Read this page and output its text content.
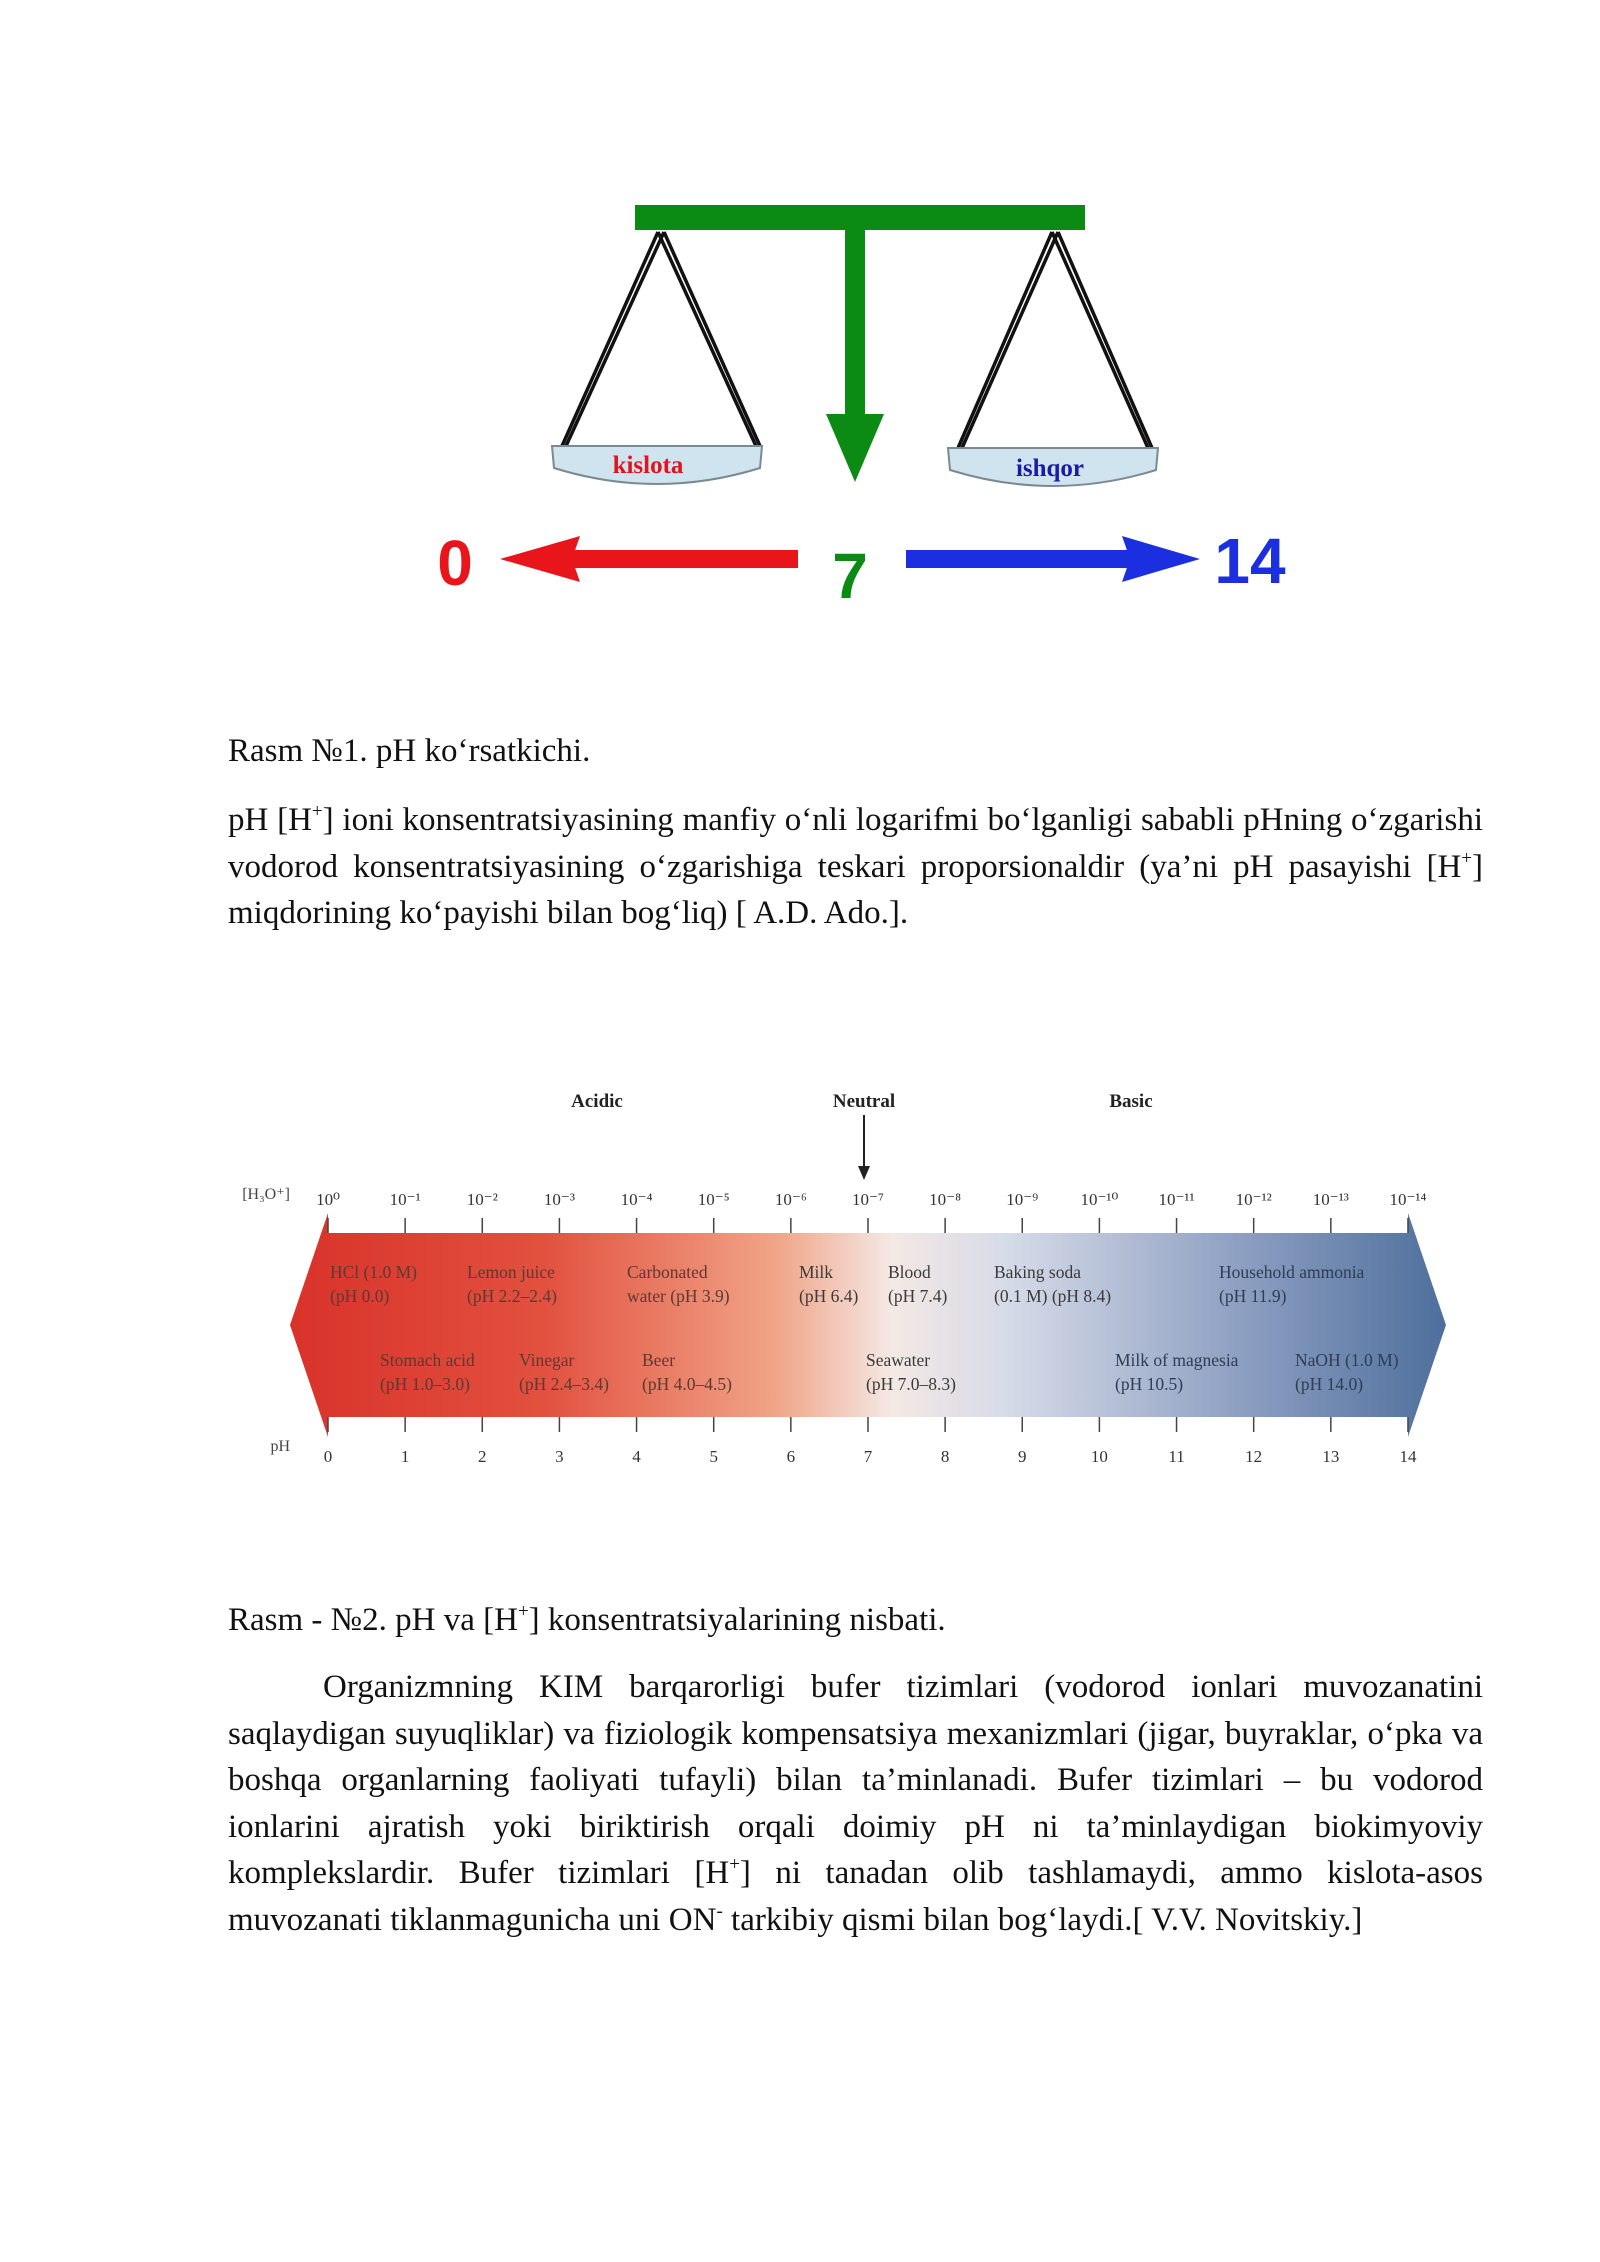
kislota	ishqor
0	7	14
Rasm №1. pH ko‘rsatkichi.
pH [H+] ioni konsentratsiyasining manfiy o‘nli logarifmi bo‘lganligi sababli pHning o‘zgarishi vodorod konsentratsiyasining o‘zgarishiga teskari proporsionaldir (ya’ni pH pasayishi [H+] miqdorining ko‘payishi bilan bog‘liq) [ A.D. Ado.].
Acidic	Neutral	Basic
[H₃O⁺]
pH
10⁰	10⁻¹	10⁻²	10⁻³	10⁻⁴	10⁻⁵	10⁻⁶	10⁻⁷	10⁻⁸	10⁻⁹ 10⁻¹⁰ 10⁻¹¹ 10⁻¹² 10⁻¹³ 10⁻¹⁴
0	1	2	3	4	5	6	7	8	9	10	11	12	13	14
HCl (1.0 M) (pH 0.0)
Lemon juice (pH 2.2–2.4)
Carbonated water (pH 3.9)
Milk (pH 6.4)
Blood (pH 7.4)
Baking soda (0.1 M) (pH 8.4)
Household ammonia (pH 11.9)
Stomach acid (pH 1.0–3.0)
Vinegar (pH 2.4–3.4)
Beer (pH 4.0–4.5)
Seawater (pH 7.0–8.3)
Milk of magnesia (pH 10.5)
NaOH (1.0 M) (pH 14.0)
Rasm - №2. pH va [H+] konsentratsiyalarining nisbati.
Organizmning KIM barqarorligi bufer tizimlari (vodorod ionlari muvozanatini saqlaydigan suyuqliklar) va fiziologik kompensatsiya mexanizmlari (jigar, buyraklar, o‘pka va boshqa organlarning faoliyati tufayli) bilan ta’minlanadi. Bufer tizimlari – bu vodorod ionlarini ajratish yoki biriktirish orqali doimiy pH ni ta’minlaydigan biokimyoviy komplekslardir. Bufer tizimlari [H+] ni tanadan olib tashlamaydi, ammo kislota-asos muvozanati tiklanmagunicha uni ON- tarkibiy qismi bilan bog‘laydi.[ V.V. Novitskiy.]
